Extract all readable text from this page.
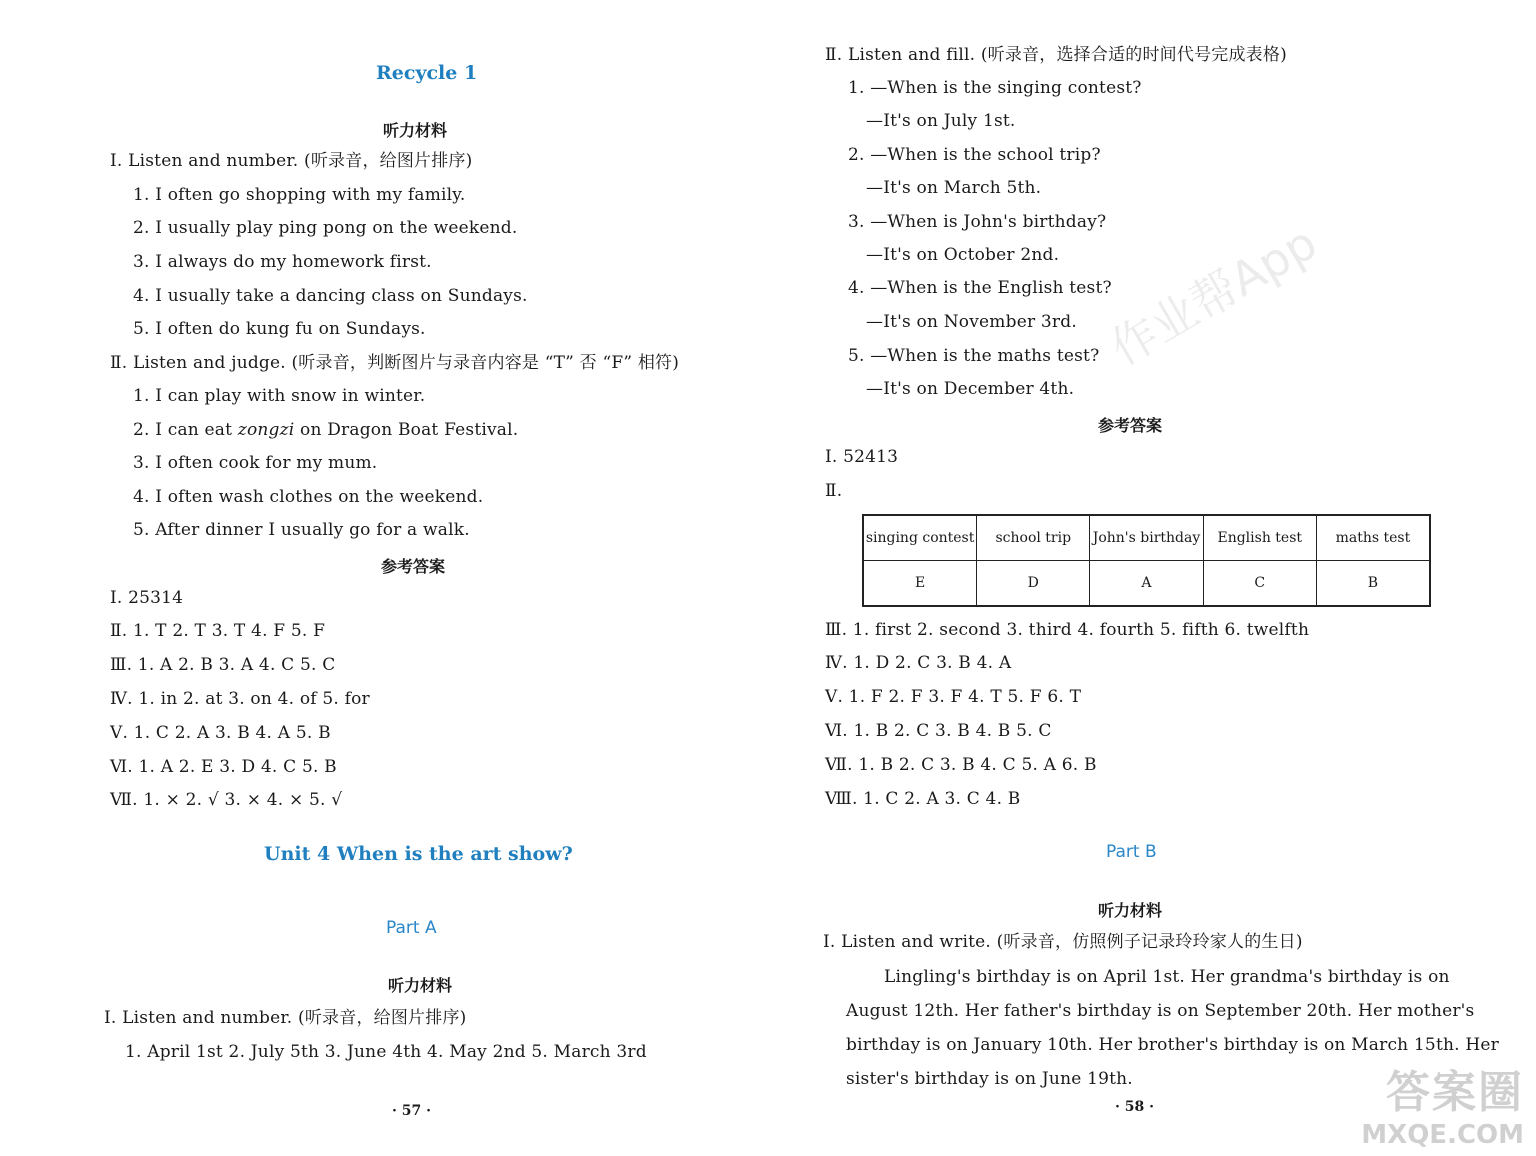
Recycle 1
听力材料
Ⅰ. Listen and number. (听录音，给图片排序)
1. I often go shopping with my family.
2. I usually play ping pong on the weekend.
3. I always do my homework first.
4. I usually take a dancing class on Sundays.
5. I often do kung fu on Sundays.
Ⅱ. Listen and judge. (听录音，判断图片与录音内容是 “T” 否 “F” 相符)
1. I can play with snow in winter.
2. I can eat zongzi on Dragon Boat Festival.
3. I often cook for my mum.
4. I often wash clothes on the weekend.
5. After dinner I usually go for a walk.
参考答案
Ⅰ. 25314
Ⅱ. 1. T 2. T 3. T 4. F 5. F
Ⅲ. 1. A 2. B 3. A 4. C 5. C
Ⅳ. 1. in 2. at 3. on 4. of 5. for
Ⅴ. 1. C 2. A 3. B 4. A 5. B
Ⅵ. 1. A 2. E 3. D 4. C 5. B
Ⅶ. 1. × 2. √ 3. × 4. × 5. √
Unit 4 When is the art show?
Part A
听力材料
Ⅰ. Listen and number. (听录音，给图片排序)
1. April 1st 2. July 5th 3. June 4th 4. May 2nd 5. March 3rd
· 57 ·
作业帮App
Ⅱ. Listen and fill. (听录音，选择合适的时间代号完成表格)
1. —When is the singing contest?
—It's on July 1st.
2. —When is the school trip?
—It's on March 5th.
3. —When is John's birthday?
—It's on October 2nd.
4. —When is the English test?
—It's on November 3rd.
5. —When is the maths test?
—It's on December 4th.
参考答案
Ⅰ. 52413
Ⅱ.
singing contest	school trip	John's birthday	English test	maths test
E	D	A	C	B
Ⅲ. 1. first 2. second 3. third 4. fourth 5. fifth 6. twelfth
Ⅳ. 1. D 2. C 3. B 4. A
Ⅴ. 1. F 2. F 3. F 4. T 5. F 6. T
Ⅵ. 1. B 2. C 3. B 4. B 5. C
Ⅶ. 1. B 2. C 3. B 4. C 5. A 6. B
Ⅷ. 1. C 2. A 3. C 4. B
Part B
听力材料
Ⅰ. Listen and write. (听录音，仿照例子记录玲玲家人的生日)
Lingling's birthday is on April 1st. Her grandma's birthday is on
August 12th. Her father's birthday is on September 20th. Her mother's
birthday is on January 10th. Her brother's birthday is on March 15th. Her
sister's birthday is on June 19th.
· 58 ·	答案圈
MXQE.COM
